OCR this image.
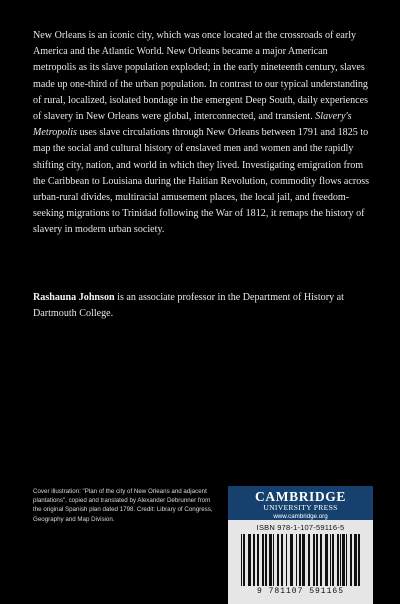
New Orleans is an iconic city, which was once located at the crossroads of early America and the Atlantic World. New Orleans became a major American metropolis as its slave population exploded; in the early nineteenth century, slaves made up one-third of the urban population. In contrast to our typical understanding of rural, localized, isolated bondage in the emergent Deep South, daily experiences of slavery in New Orleans were global, interconnected, and transient. Slavery's Metropolis uses slave circulations through New Orleans between 1791 and 1825 to map the social and cultural history of enslaved men and women and the rapidly shifting city, nation, and world in which they lived. Investigating emigration from the Caribbean to Louisiana during the Haitian Revolution, commodity flows across urban-rural divides, multiracial amusement places, the local jail, and freedom-seeking migrations to Trinidad following the War of 1812, it remaps the history of slavery in modern urban society.

Rashauna Johnson is an associate professor in the Department of History at Dartmouth College.

Cover illustration: "Plan of the city of New Orleans and adjacent plantations", copied and translated by Alexander Debrunner from the original Spanish plan dated 1798. Credit: Library of Congress, Geography and Map Division.

CAMBRIDGE
UNIVERSITY PRESS
www.cambridge.org
ISBN 978-1-107-59116-5
9 781107 591165
